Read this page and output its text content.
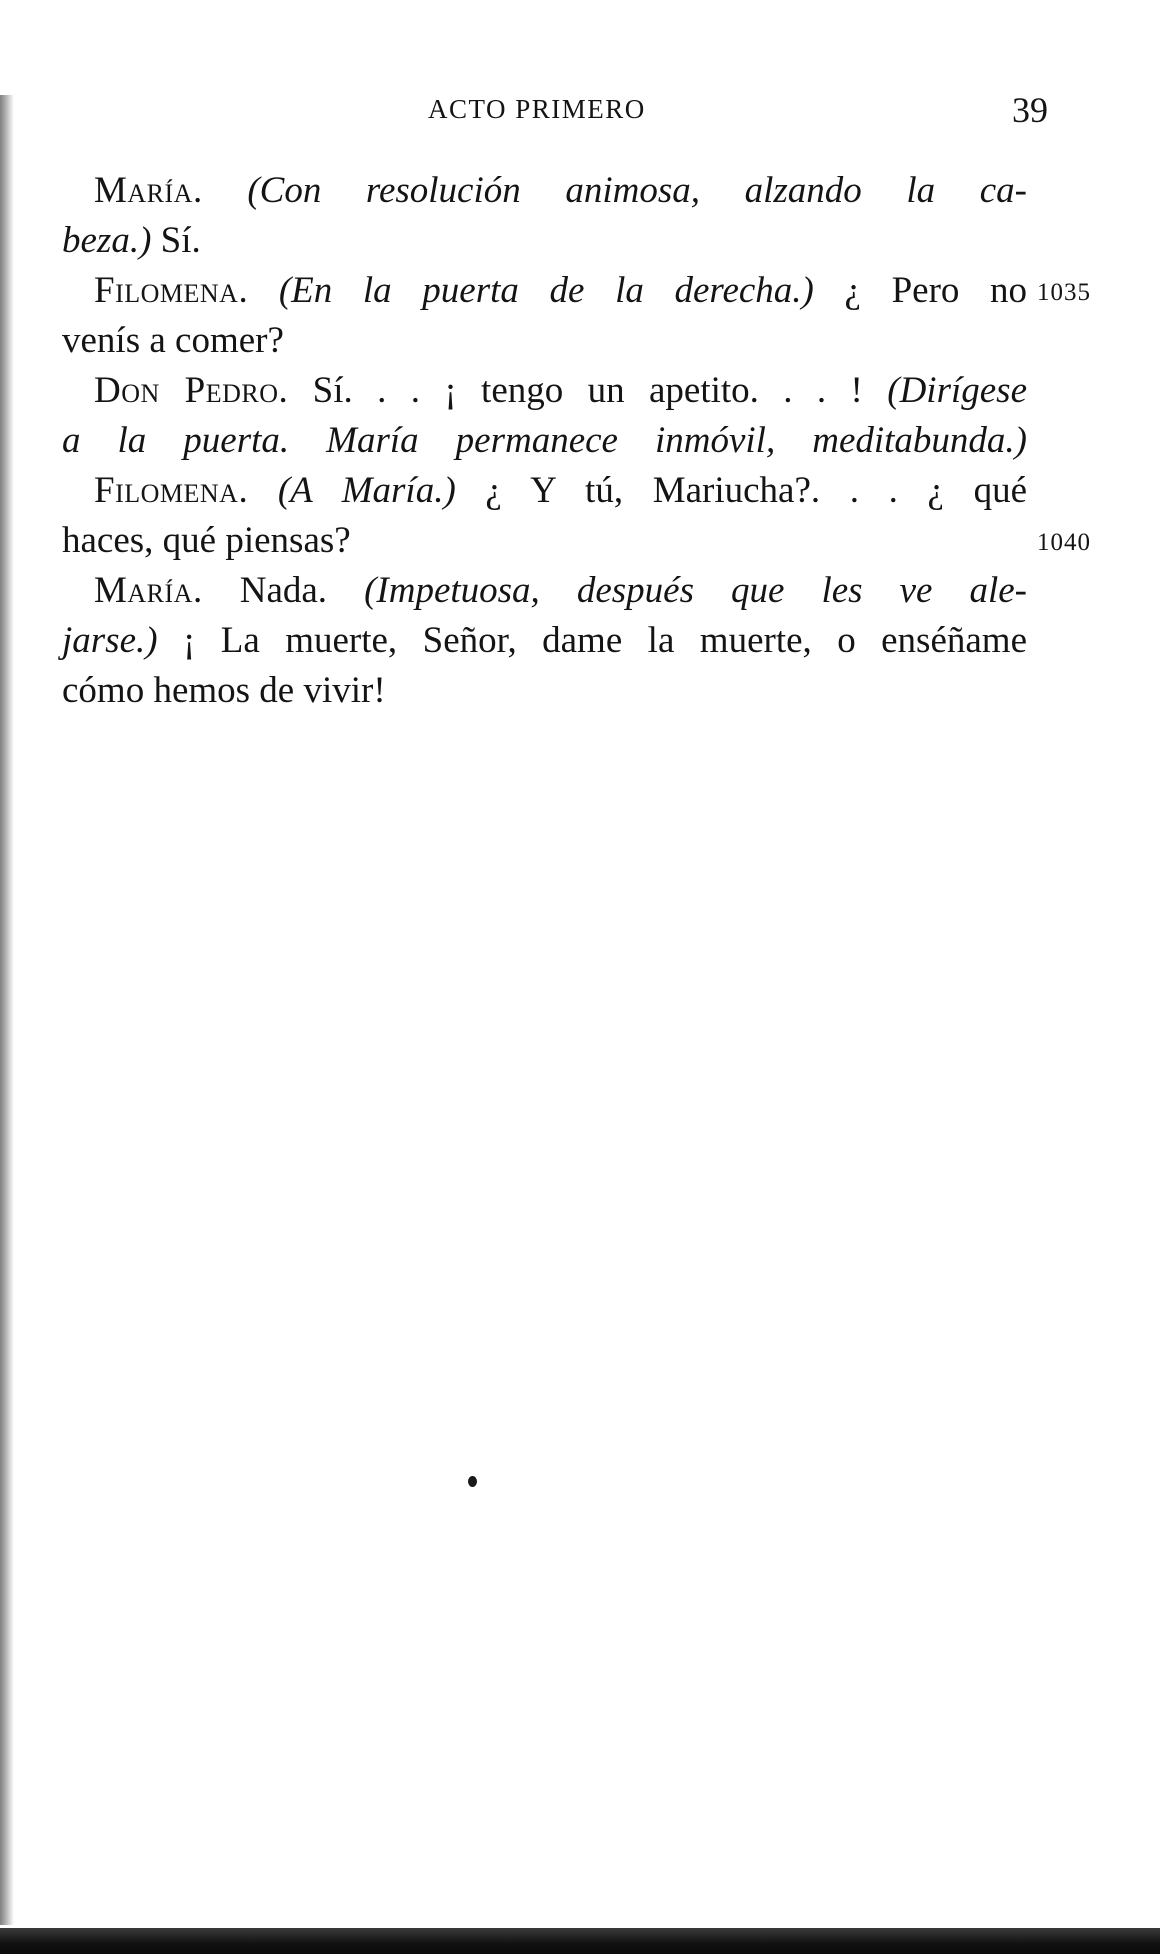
ACTO PRIMERO	39
María. (Con resolución animosa, alzando la ca-
beza.) Sí.
Filomena. (En la puerta de la derecha.) ¿ Pero no 1035
venís a comer?
Don Pedro. Sí. . . ¡ tengo un apetito. . . ! (Dirígese
a la puerta. María permanece inmóvil, meditabunda.)
Filomena. (A María.) ¿ Y tú, Mariucha?. . . ¿ qué
haces, qué piensas?	1040
María. Nada. (Impetuosa, después que les ve ale-
jarse.) ¡ La muerte, Señor, dame la muerte, o enséñame
cómo hemos de vivir!
